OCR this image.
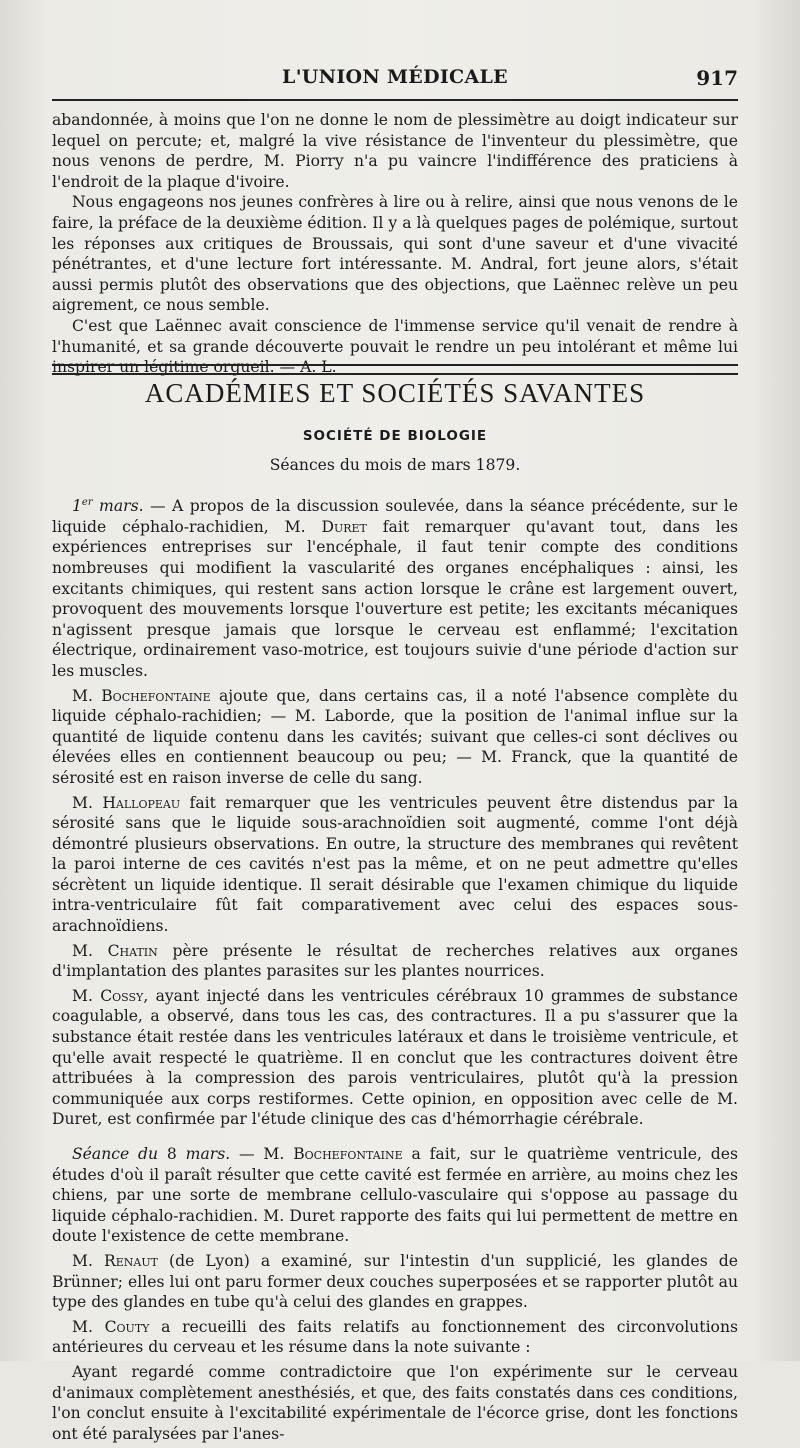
L'UNION MÉDICALE	917

abandonnée, à moins que l'on ne donne le nom de plessimètre au doigt indicateur sur lequel on percute; et, malgré la vive résistance de l'inventeur du plessimètre, que nous venons de perdre, M. Piorry n'a pu vaincre l'indifférence des praticiens à l'endroit de la plaque d'ivoire.

Nous engageons nos jeunes confrères à lire ou à relire, ainsi que nous venons de le faire, la préface de la deuxième édition. Il y a là quelques pages de polémique, surtout les réponses aux critiques de Broussais, qui sont d'une saveur et d'une vivacité pénétrantes, et d'une lecture fort intéressante. M. Andral, fort jeune alors, s'était aussi permis plutôt des observations que des objections, que Laënnec relève un peu aigrement, ce nous semble.

C'est que Laënnec avait conscience de l'immense service qu'il venait de rendre à l'humanité, et sa grande découverte pouvait le rendre un peu intolérant et même lui inspirer un légitime orgueil. — A. L.

ACADÉMIES ET SOCIÉTÉS SAVANTES
SOCIÉTÉ DE BIOLOGIE
Séances du mois de mars 1879.

1er mars. — A propos de la discussion soulevée, dans la séance précédente, sur le liquide céphalo-rachidien, M. Duret fait remarquer qu'avant tout, dans les expériences entreprises sur l'encéphale, il faut tenir compte des conditions nombreuses qui modifient la vascularité des organes encéphaliques : ainsi, les excitants chimiques, qui restent sans action lorsque le crâne est largement ouvert, provoquent des mouvements lorsque l'ouverture est petite; les excitants mécaniques n'agissent presque jamais que lorsque le cerveau est enflammé; l'excitation électrique, ordinairement vaso-motrice, est toujours suivie d'une période d'action sur les muscles.

M. Bochefontaine ajoute que, dans certains cas, il a noté l'absence complète du liquide céphalo-rachidien; — M. Laborde, que la position de l'animal influe sur la quantité de liquide contenu dans les cavités; suivant que celles-ci sont déclives ou élevées elles en contiennent beaucoup ou peu; — M. Franck, que la quantité de sérosité est en raison inverse de celle du sang.

M. Hallopeau fait remarquer que les ventricules peuvent être distendus par la sérosité sans que le liquide sous-arachnoïdien soit augmenté, comme l'ont déjà démontré plusieurs observations. En outre, la structure des membranes qui revêtent la paroi interne de ces cavités n'est pas la même, et on ne peut admettre qu'elles sécrètent un liquide identique. Il serait désirable que l'examen chimique du liquide intra-ventriculaire fût fait comparativement avec celui des espaces sous-arachnoïdiens.

M. Chatin père présente le résultat de recherches relatives aux organes d'implantation des plantes parasites sur les plantes nourrices.

M. Cossy, ayant injecté dans les ventricules cérébraux 10 grammes de substance coagulable, a observé, dans tous les cas, des contractures. Il a pu s'assurer que la substance était restée dans les ventricules latéraux et dans le troisième ventricule, et qu'elle avait respecté le quatrième. Il en conclut que les contractures doivent être attribuées à la compression des parois ventriculaires, plutôt qu'à la pression communiquée aux corps restiformes. Cette opinion, en opposition avec celle de M. Duret, est confirmée par l'étude clinique des cas d'hémorrhagie cérébrale.

Séance du 8 mars. — M. Bochefontaine a fait, sur le quatrième ventricule, des études d'où il paraît résulter que cette cavité est fermée en arrière, au moins chez les chiens, par une sorte de membrane cellulo-vasculaire qui s'oppose au passage du liquide céphalo-rachidien. M. Duret rapporte des faits qui lui permettent de mettre en doute l'existence de cette membrane.

M. Renaut (de Lyon) a examiné, sur l'intestin d'un supplicié, les glandes de Brünner; elles lui ont paru former deux couches superposées et se rapporter plutôt au type des glandes en tube qu'à celui des glandes en grappes.

M. Couty a recueilli des faits relatifs au fonctionnement des circonvolutions antérieures du cerveau et les résume dans la note suivante :

Ayant regardé comme contradictoire que l'on expérimente sur le cerveau d'animaux complètement anesthésiés, et que, des faits constatés dans ces conditions, l'on conclut ensuite à l'excitabilité expérimentale de l'écorce grise, dont les fonctions ont été paralysées par l'anes-
